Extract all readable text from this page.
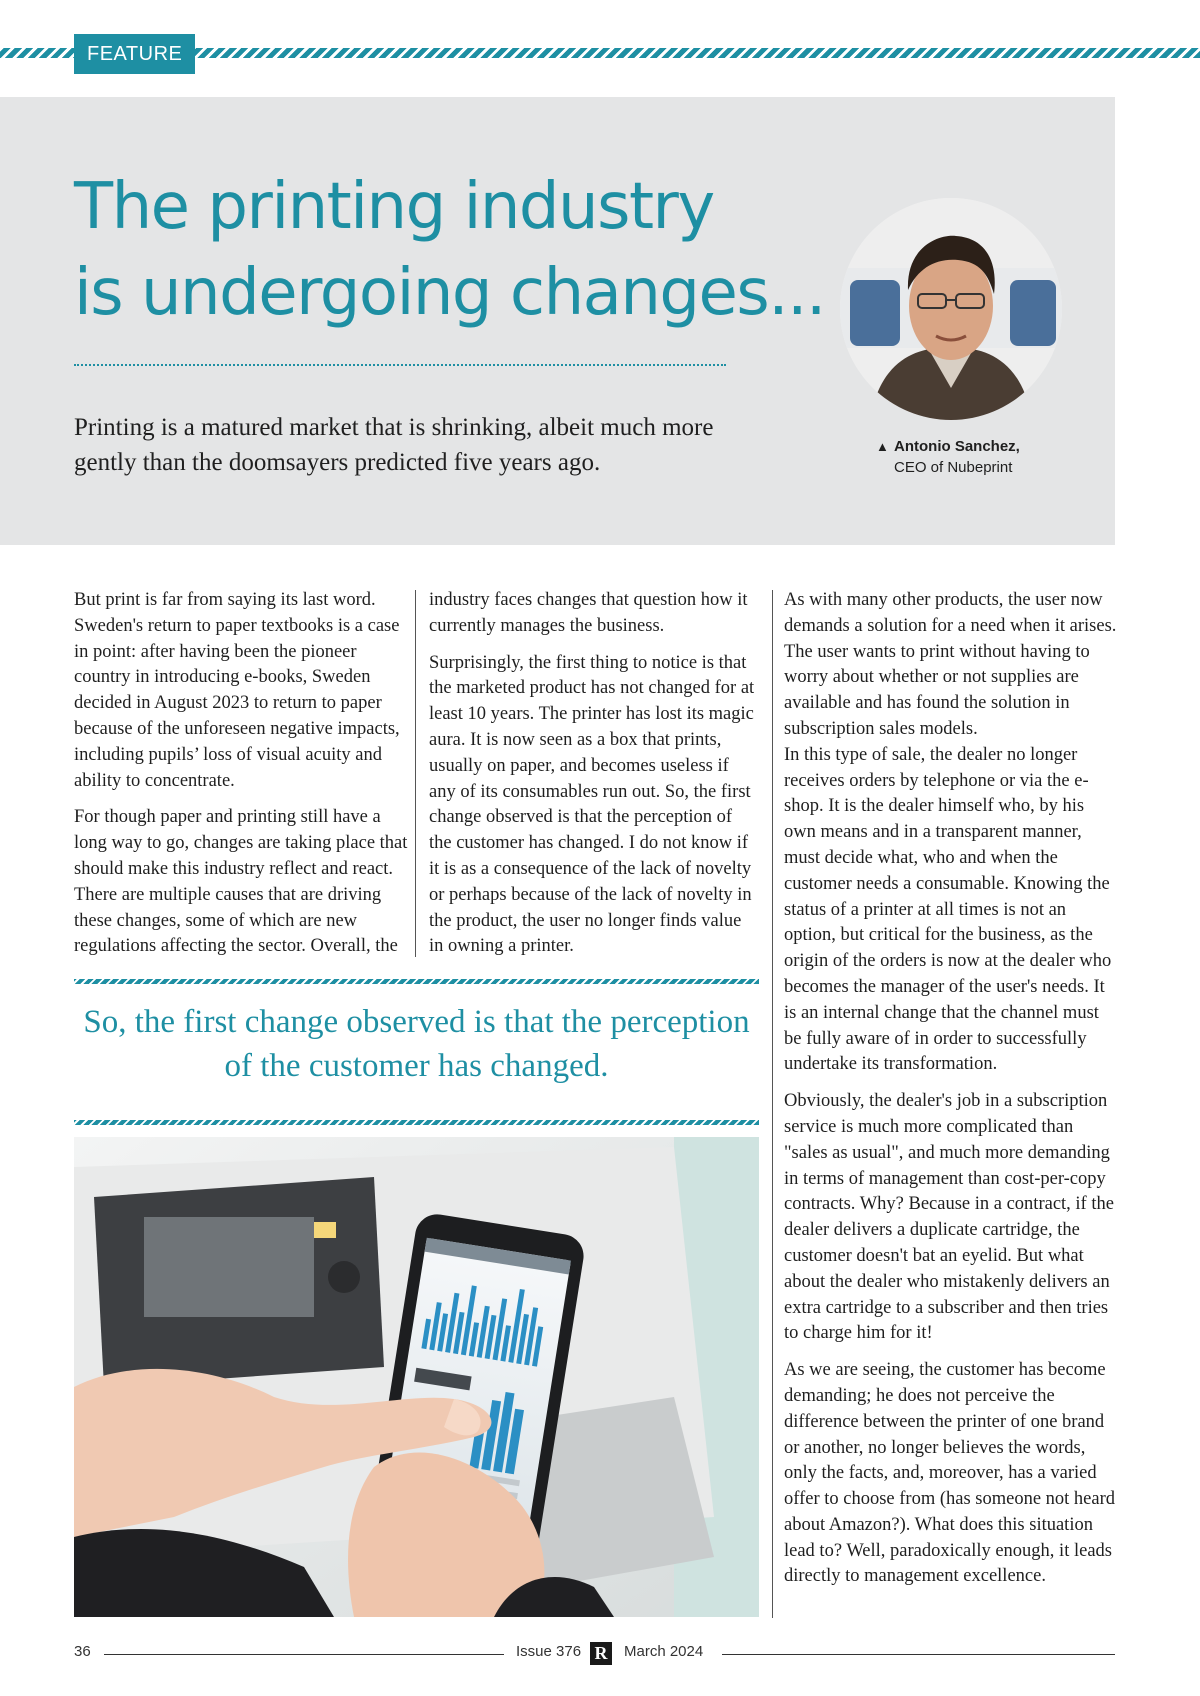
FEATURE
The printing industry
is undergoing changes...

Printing is a matured market that is shrinking, albeit much more gently than the doomsayers predicted five years ago.

▲ Antonio Sanchez,
CEO of Nubeprint

But print is far from saying its last word. Sweden's return to paper textbooks is a case in point: after having been the pioneer country in introducing e-books, Sweden decided in August 2023 to return to paper because of the unforeseen negative impacts, including pupils’ loss of visual acuity and ability to concentrate.

For though paper and printing still have a long way to go, changes are taking place that should make this industry reflect and react. There are multiple causes that are driving these changes, some of which are new regulations affecting the sector. Overall, the

industry faces changes that question how it currently manages the business.

Surprisingly, the first thing to notice is that the marketed product has not changed for at least 10 years. The printer has lost its magic aura. It is now seen as a box that prints, usually on paper, and becomes useless if any of its consumables run out. So, the first change observed is that the perception of the customer has changed. I do not know if it is as a consequence of the lack of novelty or perhaps because of the lack of novelty in the product, the user no longer finds value in owning a printer.

As with many other products, the user now demands a solution for a need when it arises. The user wants to print without having to worry about whether or not supplies are available and has found the solution in subscription sales models.

In this type of sale, the dealer no longer receives orders by telephone or via the e-shop. It is the dealer himself who, by his own means and in a transparent manner, must decide what, who and when the customer needs a consumable. Knowing the status of a printer at all times is not an option, but critical for the business, as the origin of the orders is now at the dealer who becomes the manager of the user's needs. It is an internal change that the channel must be fully aware of in order to successfully undertake its transformation.

Obviously, the dealer's job in a subscription service is much more complicated than "sales as usual", and much more demanding in terms of management than cost-per-copy contracts. Why? Because in a contract, if the dealer delivers a duplicate cartridge, the customer doesn't bat an eyelid. But what about the dealer who mistakenly delivers an extra cartridge to a subscriber and then tries to charge him for it!

As we are seeing, the customer has become demanding; he does not perceive the difference between the printer of one brand or another, no longer believes the words, only the facts, and, moreover, has a varied offer to choose from (has someone not heard about Amazon?). What does this situation lead to? Well, paradoxically enough, it leads directly to management excellence.

So, the first change observed is that the perception of the customer has changed.

36	Issue 376 R	March 2024
